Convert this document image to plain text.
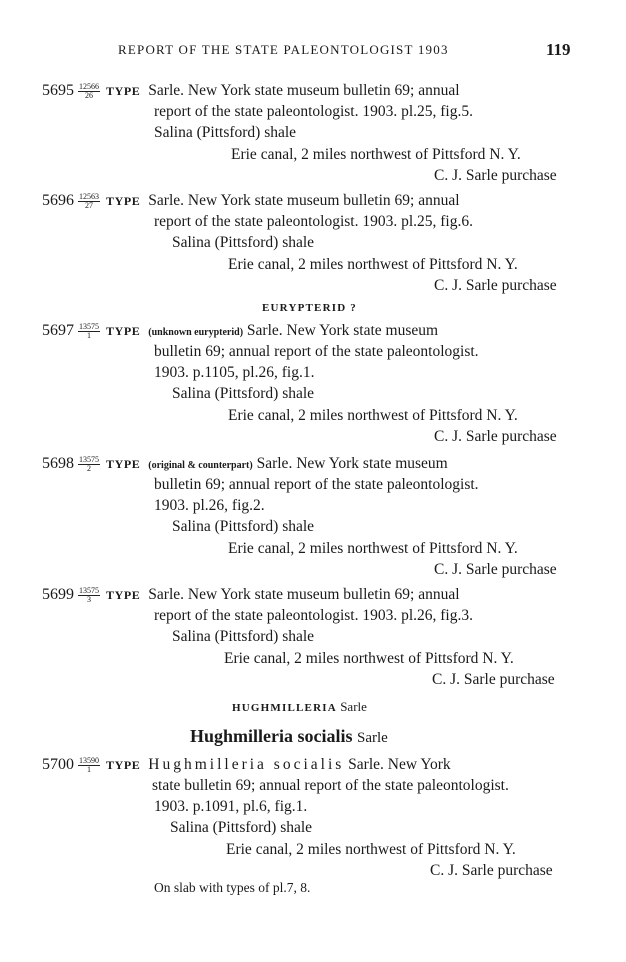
REPORT OF THE STATE PALEONTOLOGIST 1903	119
$5695 \frac{12566}{26}$ TYPE Sarle. New York state museum bulletin 69; annual
report of the state paleontologist. 1903. pl.25, fig.5.
Salina (Pittsford) shale
Erie canal, 2 miles northwest of Pittsford N. Y.
C. J. Sarle purchase
$5696 \frac{12563}{27}$ TYPE Sarle. New York state museum bulletin 69; annual
report of the state paleontologist. 1903. pl.25, fig.6.
Salina (Pittsford) shale
Erie canal, 2 miles northwest of Pittsford N. Y.
C. J. Sarle purchase
EURYPTERID ?
$5697 \frac{13575}{1}$ TYPE (unknown eurypterid) Sarle. New York state museum
bulletin 69; annual report of the state paleontologist.
1903. p.1105, pl.26, fig.1.
Salina (Pittsford) shale
Erie canal, 2 miles northwest of Pittsford N. Y.
C. J. Sarle purchase
$5698 \frac{13575}{2}$ TYPE (original & counterpart) Sarle. New York state museum
bulletin 69; annual report of the state paleontologist.
1903. pl.26, fig.2.
Salina (Pittsford) shale
Erie canal, 2 miles northwest of Pittsford N. Y.
C. J. Sarle purchase
$5699 \frac{13575}{3}$ TYPE Sarle. New York state museum bulletin 69; annual
report of the state paleontologist. 1903. pl.26, fig.3.
Salina (Pittsford) shale
Erie canal, 2 miles northwest of Pittsford N. Y.
C. J. Sarle purchase
HUGHMILLERIA Sarle
Hughmilleria socialis Sarle
$5700 \frac{13590}{1}$ TYPE Hughmilleria socialis Sarle. New York
state bulletin 69; annual report of the state paleontologist.
1903. p.1091, pl.6, fig.1.
Salina (Pittsford) shale
Erie canal, 2 miles northwest of Pittsford N. Y.
C. J. Sarle purchase
On slab with types of pl.7, 8.
